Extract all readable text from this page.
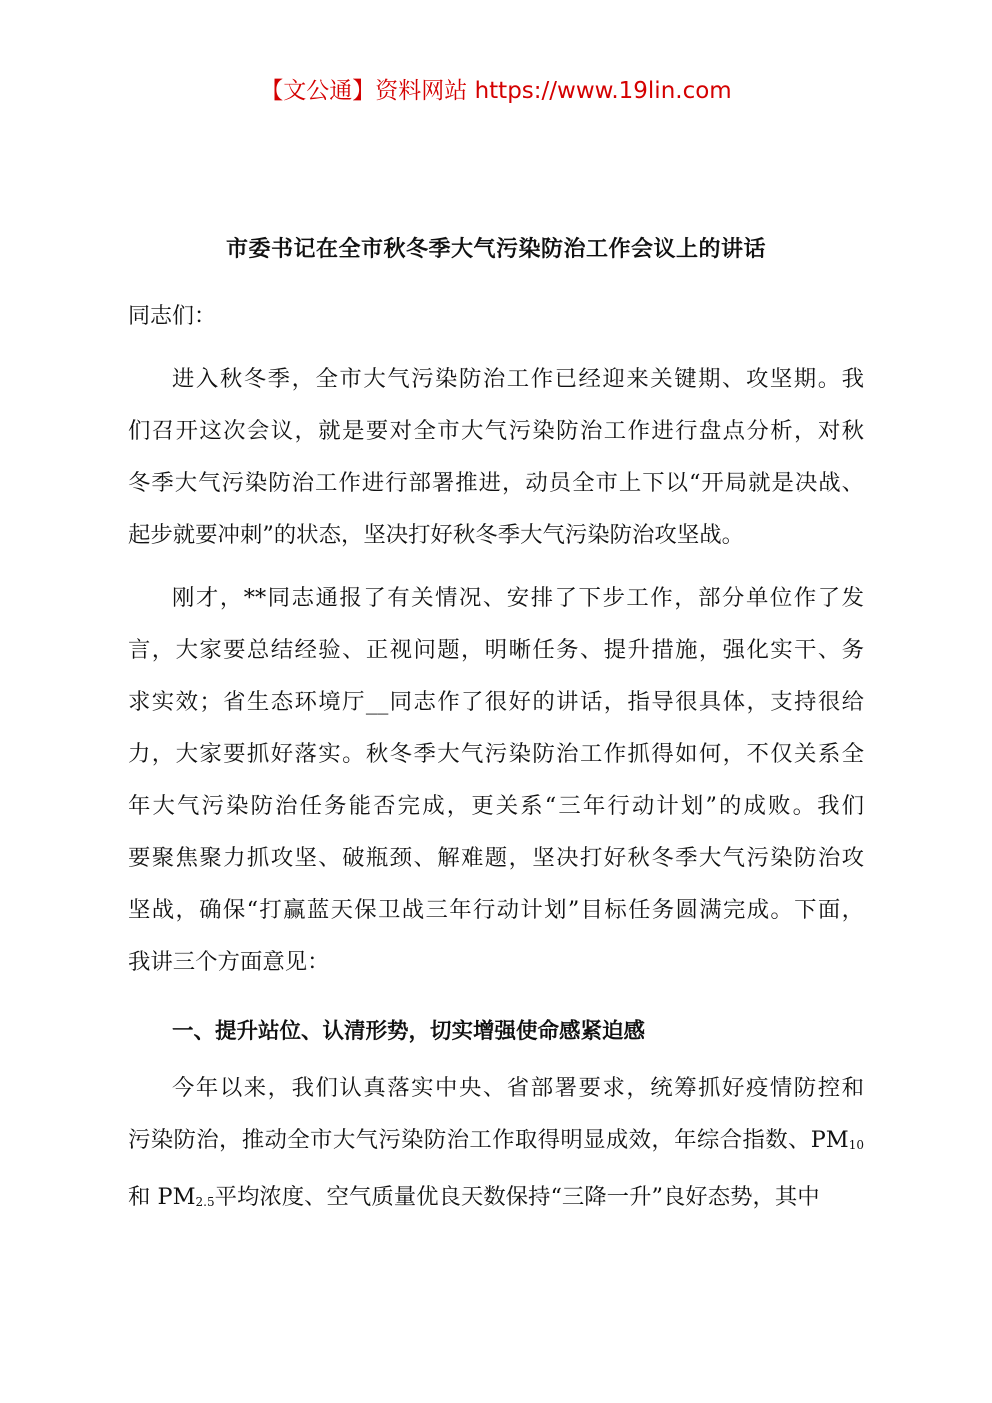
【文公通】资料网站 https://www.19lin.com
市委书记在全市秋冬季大气污染防治工作会议上的讲话
同志们：
进入秋冬季，全市大气污染防治工作已经迎来关键期、攻坚期。我
们召开这次会议，就是要对全市大气污染防治工作进行盘点分析，对秋
冬季大气污染防治工作进行部署推进，动员全市上下以“开局就是决战、
起步就要冲刺”的状态，坚决打好秋冬季大气污染防治攻坚战。
刚才，**同志通报了有关情况、安排了下步工作，部分单位作了发
言，大家要总结经验、正视问题，明晰任务、提升措施，强化实干、务
求实效；省生态环境厅__同志作了很好的讲话，指导很具体，支持很给
力，大家要抓好落实。秋冬季大气污染防治工作抓得如何，不仅关系全
年大气污染防治任务能否完成，更关系“三年行动计划”的成败。我们
要聚焦聚力抓攻坚、破瓶颈、解难题，坚决打好秋冬季大气污染防治攻
坚战，确保“打赢蓝天保卫战三年行动计划”目标任务圆满完成。下面，
我讲三个方面意见：
一、提升站位、认清形势，切实增强使命感紧迫感
今年以来，我们认真落实中央、省部署要求，统筹抓好疫情防控和
污染防治，推动全市大气污染防治工作取得明显成效，年综合指数、$PM_{10}$
和 $PM_{2.5}$平均浓度、空气质量优良天数保持“三降一升”良好态势，其中
